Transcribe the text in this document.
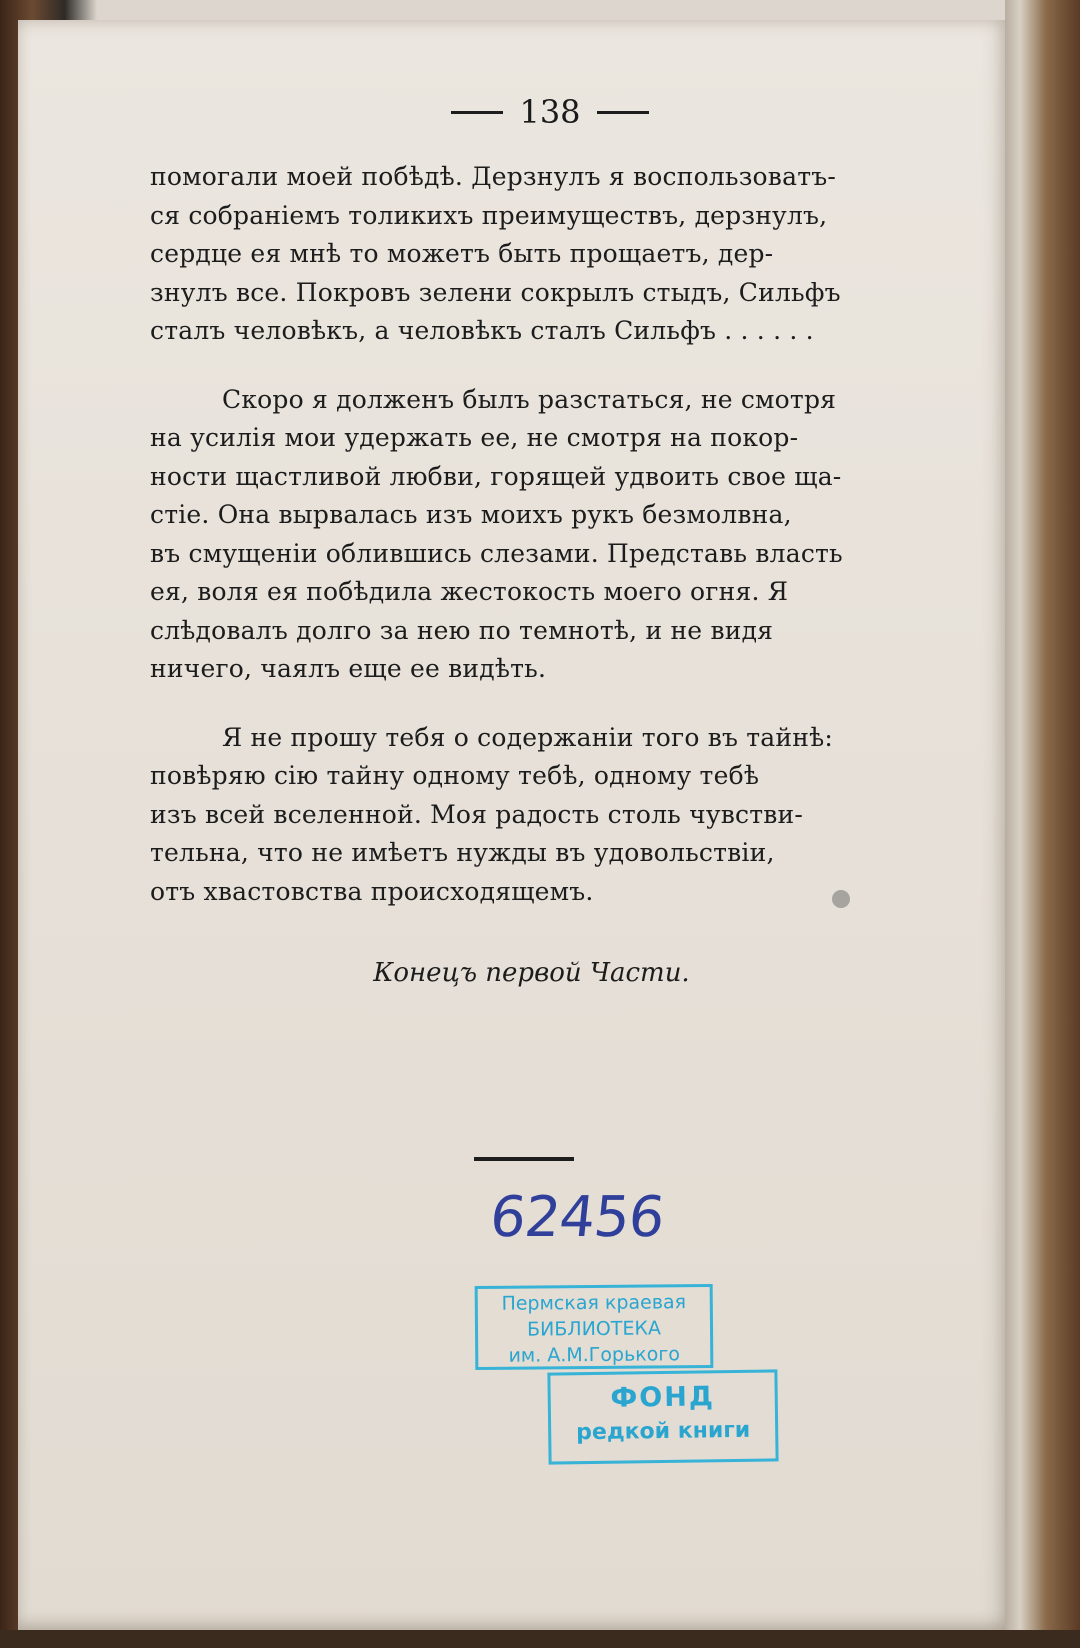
138
помогали моей побѣдѣ. Дерзнулъ я воспользоватъ-
ся собраніемъ толикихъ преимуществъ, дерзнулъ,
сердце ея мнѣ то можетъ быть прощаетъ, дер-
знулъ все. Покровъ зелени сокрылъ стыдъ, Сильфъ
сталъ человѣкъ, а человѣкъ сталъ Сильфъ . . . . . .
Скоро я долженъ былъ разстаться, не смотря
на усилія мои удержать ее, не смотря на покор-
ности щастливой любви, горящей удвоить свое ща-
стіе. Она вырвалась изъ моихъ рукъ безмолвна,
въ смущеніи облившись слезами. Представь власть
ея, воля ея побѣдила жестокость моего огня. Я
слѣдовалъ долго за нею по темнотѣ, и не видя
ничего, чаялъ еще ее видѣть.
Я не прошу тебя о содержаніи того въ тайнѣ:
повѣряю сію тайну одному тебѣ, одному тебѣ
изъ всей вселенной. Моя радость столь чувстви-
тельна, что не имѣетъ нужды въ удовольствіи,
отъ хвастовства происходящемъ.
Конецъ первой Части.
62456
Пермская краевая
БИБЛИОТЕКА
им. А.М.Горького
ФОНД
редкой книги
